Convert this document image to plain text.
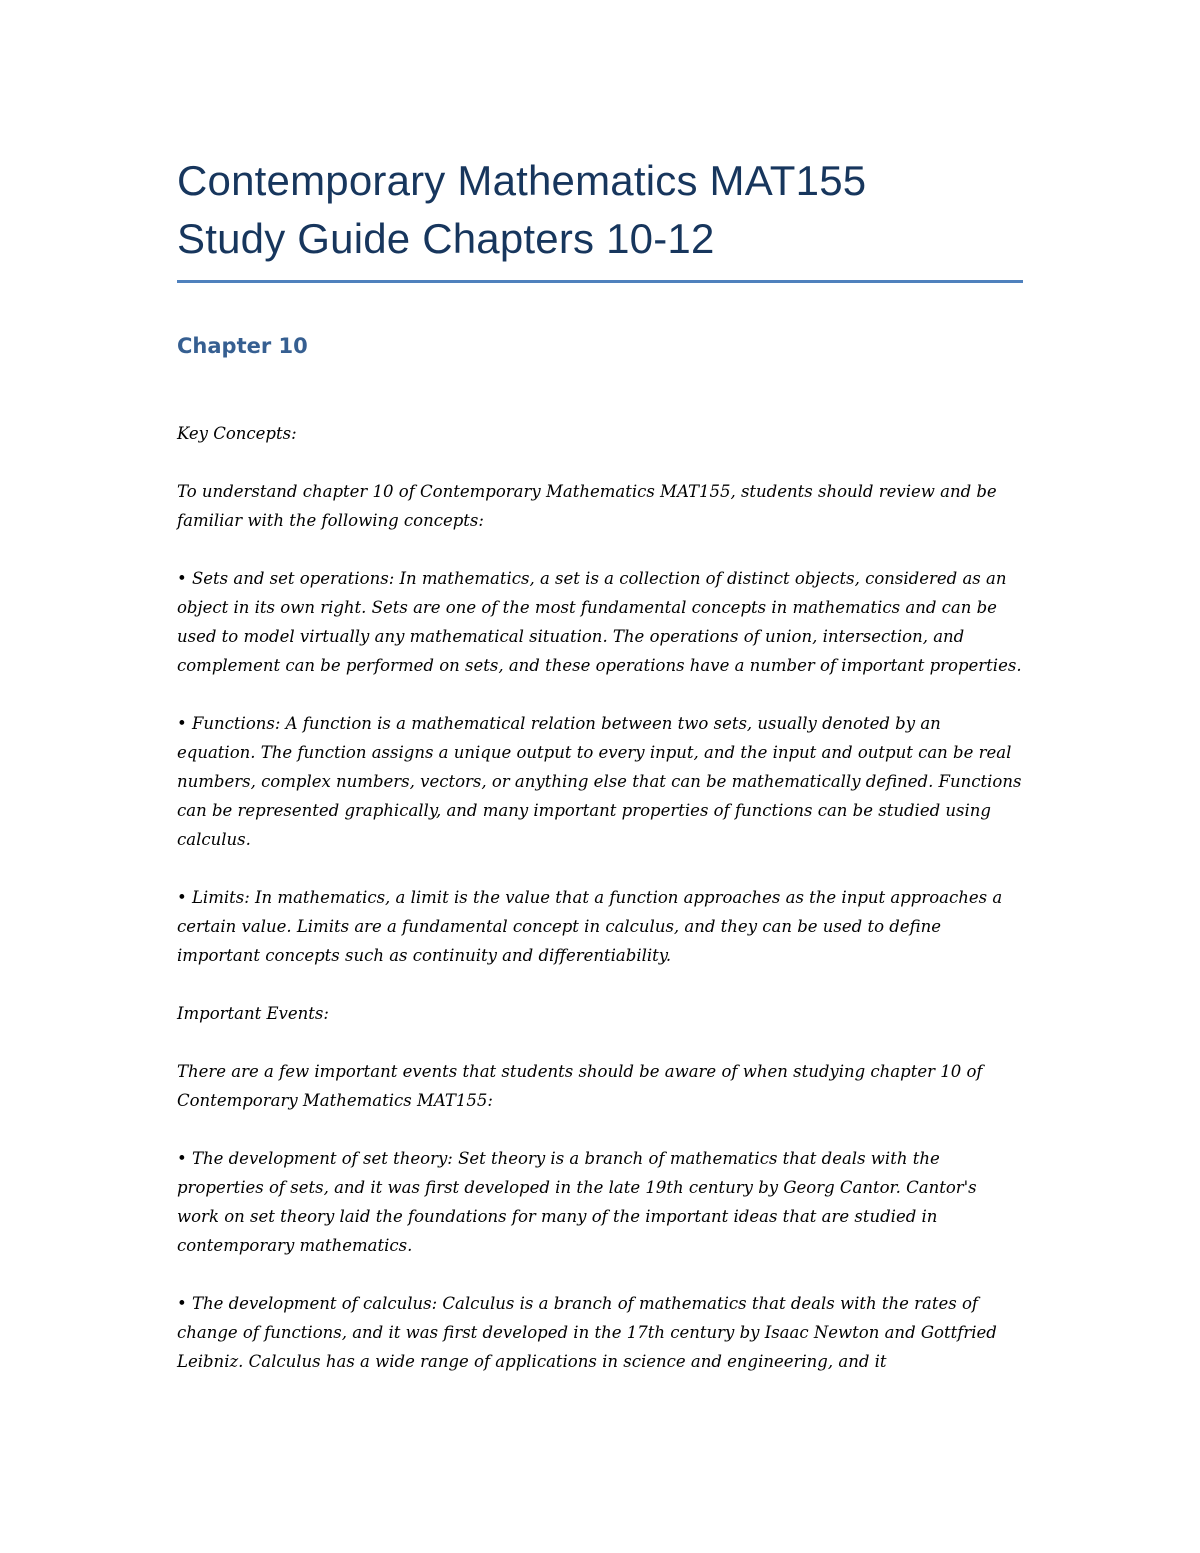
Contemporary Mathematics MAT155
Study Guide Chapters 10-12
Chapter 10

Key Concepts:

To understand chapter 10 of Contemporary Mathematics MAT155, students should review and be familiar with the following concepts:

• Sets and set operations: In mathematics, a set is a collection of distinct objects, considered as an object in its own right. Sets are one of the most fundamental concepts in mathematics and can be used to model virtually any mathematical situation. The operations of union, intersection, and complement can be performed on sets, and these operations have a number of important properties.

• Functions: A function is a mathematical relation between two sets, usually denoted by an equation. The function assigns a unique output to every input, and the input and output can be real numbers, complex numbers, vectors, or anything else that can be mathematically defined. Functions can be represented graphically, and many important properties of functions can be studied using calculus.

• Limits: In mathematics, a limit is the value that a function approaches as the input approaches a certain value. Limits are a fundamental concept in calculus, and they can be used to define important concepts such as continuity and differentiability.

Important Events:

There are a few important events that students should be aware of when studying chapter 10 of Contemporary Mathematics MAT155:

• The development of set theory: Set theory is a branch of mathematics that deals with the properties of sets, and it was first developed in the late 19th century by Georg Cantor. Cantor's work on set theory laid the foundations for many of the important ideas that are studied in contemporary mathematics.

• The development of calculus: Calculus is a branch of mathematics that deals with the rates of change of functions, and it was first developed in the 17th century by Isaac Newton and Gottfried Leibniz. Calculus has a wide range of applications in science and engineering, and it
